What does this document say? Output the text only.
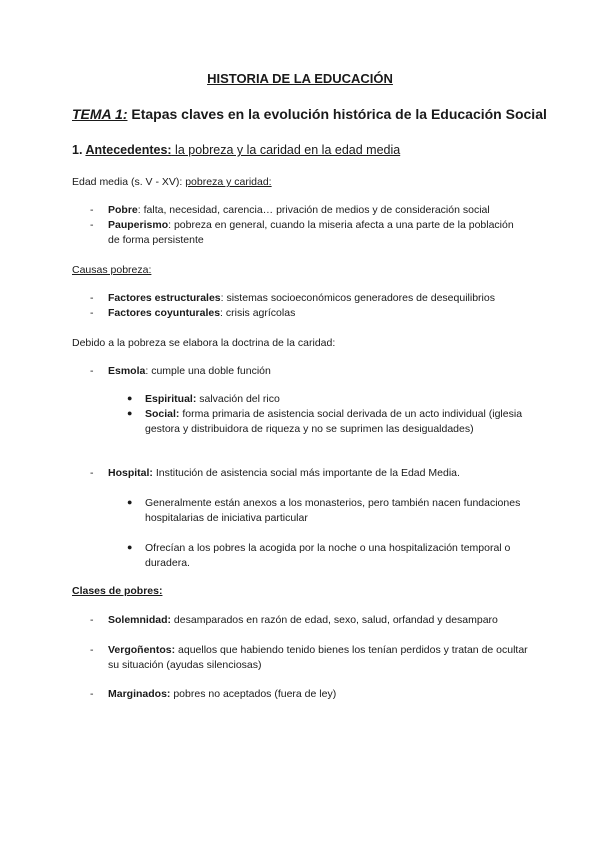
HISTORIA DE LA EDUCACIÓN
TEMA 1: Etapas claves en la evolución histórica de la Educación Social
1. Antecedentes: la pobreza y la caridad en la edad media
Edad media (s. V - XV): pobreza y caridad:
- Pobre: falta, necesidad, carencia… privación de medios y de consideración social
- Pauperismo: pobreza en general, cuando la miseria afecta a una parte de la población de forma persistente
Causas pobreza:
- Factores estructurales: sistemas socioeconómicos generadores de desequilibrios
- Factores coyunturales: crisis agrícolas
Debido a la pobreza se elabora la doctrina de la caridad:
- Esmola: cumple una doble función
● Espiritual: salvación del rico
● Social: forma primaria de asistencia social derivada de un acto individual (iglesia gestora y distribuidora de riqueza y no se suprimen las desigualdades)
- Hospital: Institución de asistencia social más importante de la Edad Media.
● Generalmente están anexos a los monasterios, pero también nacen fundaciones hospitalarias de iniciativa particular
● Ofrecían a los pobres la acogida por la noche o una hospitalización temporal o duradera.
Clases de pobres:
- Solemnidad: desamparados en razón de edad, sexo, salud, orfandad y desamparo
- Vergoñentos: aquellos que habiendo tenido bienes los tenían perdidos y tratan de ocultar su situación (ayudas silenciosas)
- Marginados: pobres no aceptados (fuera de ley)
